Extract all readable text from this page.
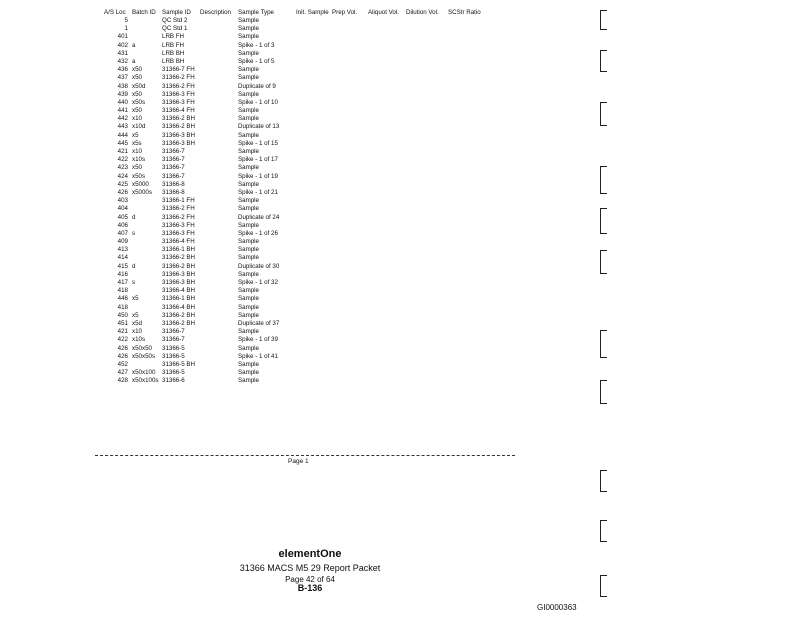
A/S Loc Batch ID Sample ID Description Sample Type	Init. Sample Prep Vol. Aliquot Vol. Dilution Vol. SCStr Ratio
5	QC Std 2	Sample
1	QC Std 1	Sample
401	LRB FH	Sample
402 a	LRB FH	Spike - 1 of 3
431	LRB BH	Sample
432 a	LRB BH	Spike - 1 of 5
436 x50	31366-7 FH	Sample
437 x50	31366-2 FH	Sample
438 x50d	31366-2 FH	Duplicate of 9
439 x50	31366-3 FH	Sample
440 x50s	31366-3 FH	Spike - 1 of 10
441 x50	31366-4 FH	Sample
442 x10	31366-2 BH	Sample
443 x10d	31366-2 BH	Duplicate of 13
444 x5	31366-3 BH	Sample
445 x5s	31366-3 BH	Spike - 1 of 15
421 x10	31366-7	Sample
422 x10s	31366-7	Spike - 1 of 17
423 x50	31366-7	Sample
424 x50s	31366-7	Spike - 1 of 19
425 x5000 31366-8	Sample
426 x5000s 31366-8	Spike - 1 of 21
403	31366-1 FH	Sample
404	31366-2 FH	Sample
405 d	31366-2 FH	Duplicate of 24
406	31366-3 FH	Sample
407 s	31366-3 FH	Spike - 1 of 26
409	31366-4 FH	Sample
413	31366-1 BH	Sample
414	31366-2 BH	Sample
415 d	31366-2 BH	Duplicate of 30
416	31366-3 BH	Sample
417 s	31366-3 BH	Spike - 1 of 32
418	31366-4 BH	Sample
446 x5	31366-1 BH	Sample
418	31366-4 BH	Sample
450 x5	31366-2 BH	Sample
451 x5d	31366-2 BH	Duplicate of 37
421 x10	31366-7	Sample
422 x10s	31366-7	Spike - 1 of 39
426 x50x50 31366-5	Sample
426 x50x50s 31366-5	Spike - 1 of 41
452	31366-5 BH	Sample
427 x50x100 31366-5	Sample
428 x50x100s 31366-6	Sample
Page 1
elementOne
31366 MACS M5 29 Report Packet
Page 42 of 64
B-136
GI0000363
